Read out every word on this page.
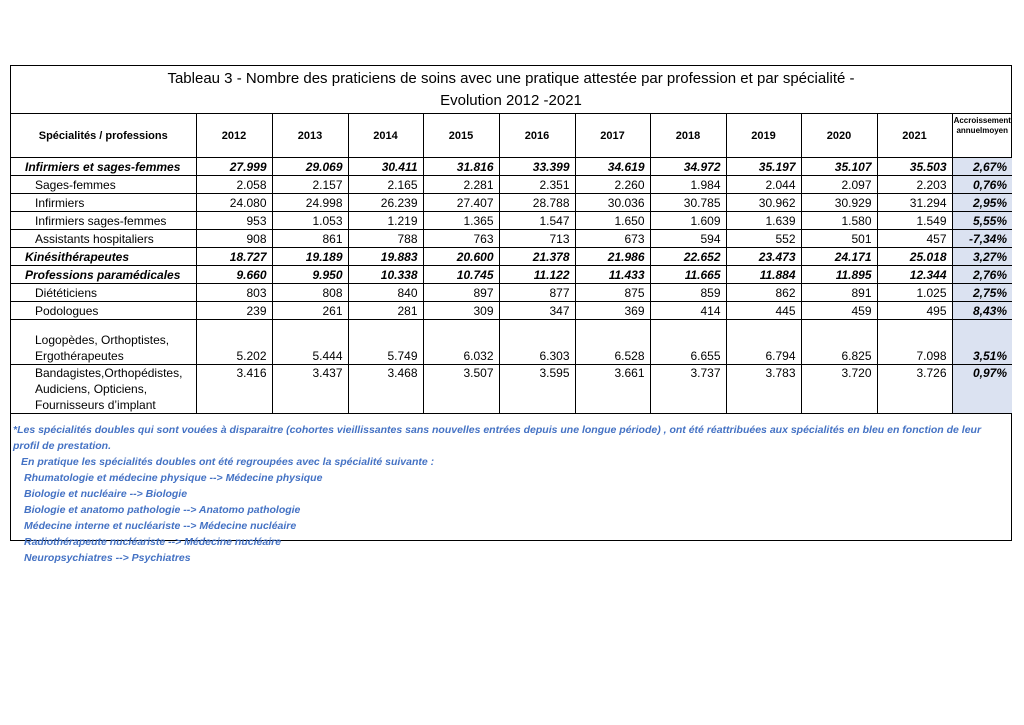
Tableau 3 - Nombre des praticiens de soins avec une pratique attestée par profession et par spécialité -
Evolution 2012 -2021
Spécialités / professions	2012	2013	2014	2015	2016	2017	2018	2019	2020	2021	Accroissement annuelmoyen
Infirmiers et sages-femmes	27.999	29.069	30.411	31.816	33.399	34.619	34.972	35.197	35.107	35.503	2,67%
Sages-femmes	2.058	2.157	2.165	2.281	2.351	2.260	1.984	2.044	2.097	2.203	0,76%
Infirmiers	24.080	24.998	26.239	27.407	28.788	30.036	30.785	30.962	30.929	31.294	2,95%
Infirmiers sages-femmes	953	1.053	1.219	1.365	1.547	1.650	1.609	1.639	1.580	1.549	5,55%
Assistants hospitaliers	908	861	788	763	713	673	594	552	501	457	-7,34%
Kinésithérapeutes	18.727	19.189	19.883	20.600	21.378	21.986	22.652	23.473	24.171	25.018	3,27%
Professions paramédicales	9.660	9.950	10.338	10.745	11.122	11.433	11.665	11.884	11.895	12.344	2,76%
Diététiciens	803	808	840	897	877	875	859	862	891	1.025	2,75%
Podologues	239	261	281	309	347	369	414	445	459	495	8,43%

Logopèdes, Orthoptistes,
Ergothérapeutes	5.202	5.444	5.749	6.032	6.303	6.528	6.655	6.794	6.825	7.098	3,51%

Bandagistes,Orthopédistes,
Audiciens, Opticiens,
Fournisseurs d’implant	3.416	3.437	3.468	3.507	3.595	3.661	3.737	3.783	3.720	3.726	0,97%
*Les spécialités doubles qui sont vouées à disparaitre (cohortes vieillissantes sans nouvelles entrées depuis une longue période) , ont été réattribuées aux spécialités en bleu en fonction de leur profil de prestation.
En pratique les spécialités doubles ont été regroupées avec la spécialité suivante :
Rhumatologie et médecine physique --> Médecine physique
Biologie et nucléaire --> Biologie
Biologie et anatomo pathologie --> Anatomo pathologie
Médecine interne et nucléariste --> Médecine nucléaire
Radiothérapeute nucléariste --> Médecine nucléaire
Neuropsychiatres --> Psychiatres
